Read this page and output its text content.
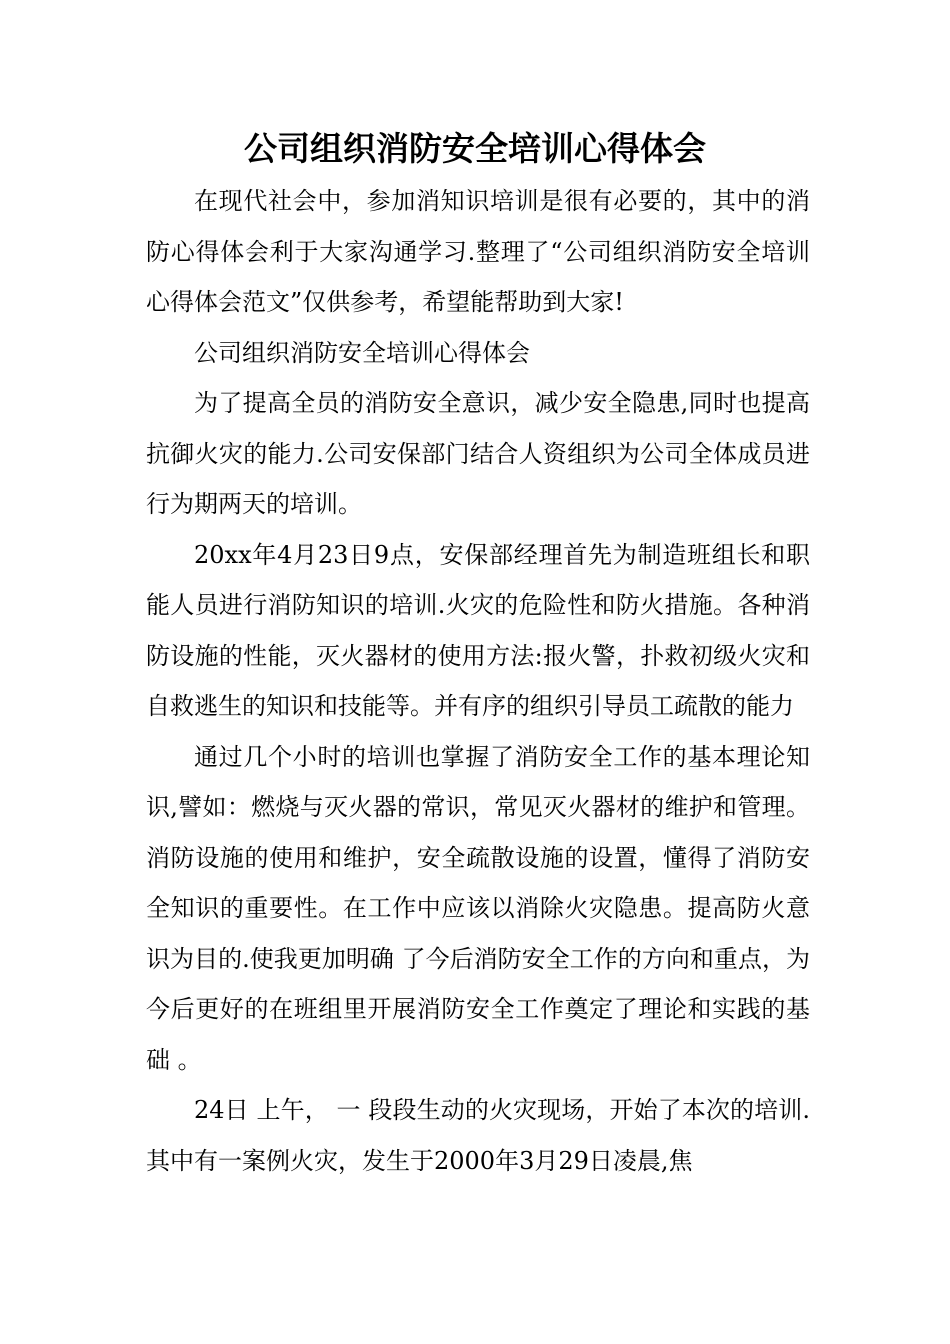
公司组织消防安全培训心得体会

在现代社会中，参加消知识培训是很有必要的，其中的消防心得体会利于大家沟通学习.整理了“公司组织消防安全培训心得体会范文”仅供参考，希望能帮助到大家!

公司组织消防安全培训心得体会

为了提高全员的消防安全意识，减少安全隐患,同时也提高抗御火灾的能力.公司安保部门结合人资组织为公司全体成员进行为期两天的培训。

20xx年4月23日9点，安保部经理首先为制造班组长和职能人员进行消防知识的培训.火灾的危险性和防火措施。各种消防设施的性能，灭火器材的使用方法:报火警，扑救初级火灾和自救逃生的知识和技能等。并有序的组织引导员工疏散的能力

通过几个小时的培训也掌握了消防安全工作的基本理论知识,譬如：燃烧与灭火器的常识，常见灭火器材的维护和管理。消防设施的使用和维护，安全疏散设施的设置，懂得了消防安全知识的重要性。在工作中应该以消除火灾隐患。提高防火意识为目的.使我更加明确 了今后消防安全工作的方向和重点，为今后更好的在班组里开展消防安全工作奠定了理论和实践的基础 。

24日 上午， 一 段段生动的火灾现场，开始了本次的培训.其中有一案例火灾，发生于2000年3月29日凌晨,焦
